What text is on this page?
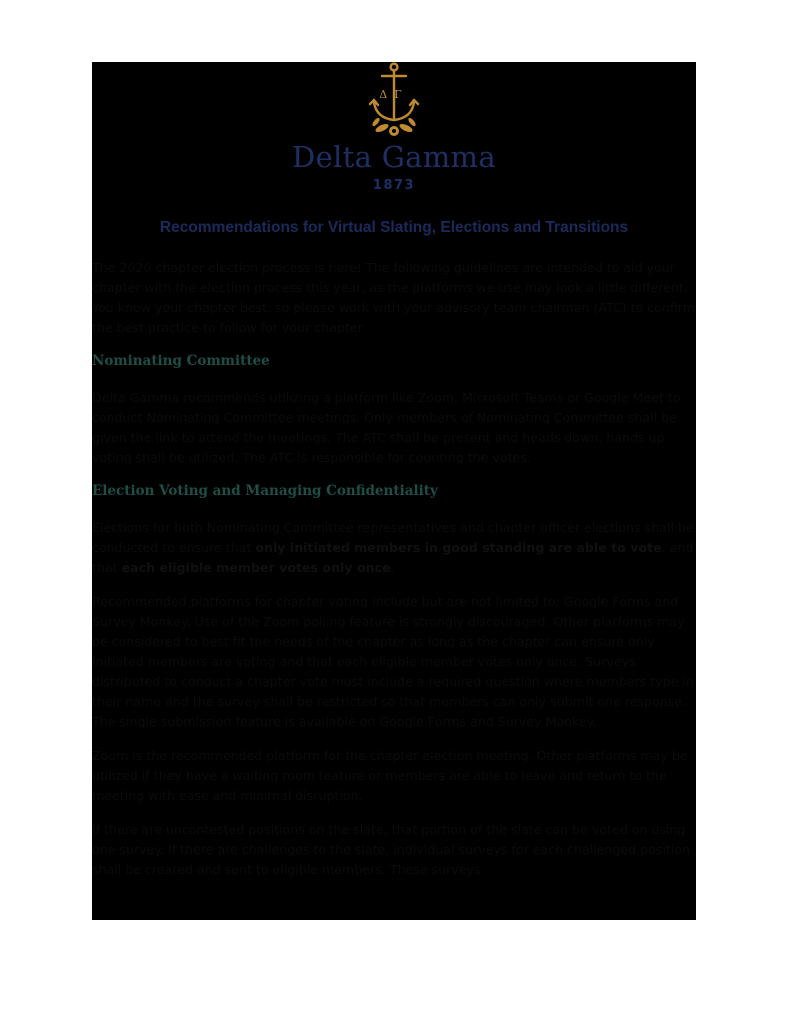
ΔΓ
Delta Gamma
1873
Recommendations for Virtual Slating, Elections and Transitions

The 2020 chapter election process is here! The following guidelines are intended to aid your chapter with the election process this year, as the platforms we use may look a little different. You know your chapter best, so please work with your advisory team chairman (ATC) to confirm the best practice to follow for your chapter.

Nominating Committee

Delta Gamma recommends utilizing a platform like Zoom, Microsoft Teams or Google Meet to conduct Nominating Committee meetings. Only members of Nominating Committee shall be given the link to attend the meetings. The ATC shall be present and heads down, hands up voting shall be utilized. The ATC is responsible for counting the votes.

Election Voting and Managing Confidentiality

Elections for both Nominating Committee representatives and chapter officer elections shall be conducted to ensure that only initiated members in good standing are able to vote, and that each eligible member votes only once.

Recommended platforms for chapter voting include but are not limited to: Google Forms and Survey Monkey. Use of the Zoom polling feature is strongly discouraged. Other platforms may be considered to best fit the needs of the chapter as long as the chapter can ensure only initiated members are voting and that each eligible member votes only once. Surveys distributed to conduct a chapter vote must include a required question where members type in their name and the survey shall be restricted so that members can only submit one response. The single submission feature is available on Google Forms and Survey Monkey.

Zoom is the recommended platform for the chapter election meeting. Other platforms may be utilized if they have a waiting room feature or members are able to leave and return to the meeting with ease and minimal disruption.

If there are uncontested positions on the slate, that portion of the slate can be voted on using one survey. If there are challenges to the slate, individual surveys for each challenged position shall be created and sent to eligible members. These surveys
